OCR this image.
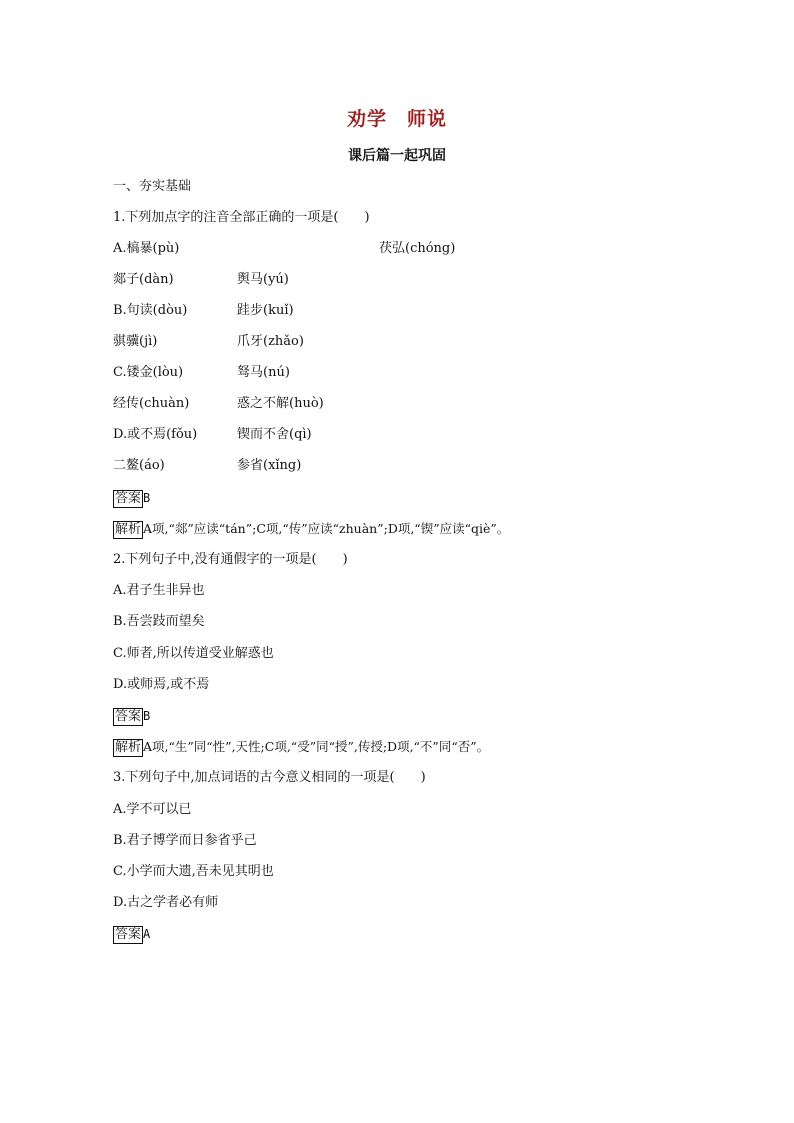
劝学　师说
课后篇一起巩固
一、夯实基础
1.下列加点字的注音全部正确的一项是(　　)
A.槁暴(pù)	茯弘(chóng)
郯子(dàn)	舆马(yú)
B.句读(dòu)	跬步(kuǐ)
骐骥(jì)	爪牙(zhǎo)
C.镂金(lòu)	驽马(nú)
经传(chuàn)	惑之不解(huò)
D.或不焉(fǒu)	锲而不舍(qì)
二鳌(áo)	参省(xǐng)
答案 B
解析 A项,“郯”应读“tán”;C项,“传”应读“zhuàn”;D项,“锲”应读“qiè”。
2.下列句子中,没有通假字的一项是(　　)
A.君子生非异也
B.吾尝跂而望矣
C.师者,所以传道受业解惑也
D.或师焉,或不焉
答案 B
解析 A项,“生”同“性”,天性;C项,“受”同“授”,传授;D项,“不”同“否”。
3.下列句子中,加点词语的古今意义相同的一项是(　　)
A.学不可以已
B.君子博学而日参省乎己
C.小学而大遗,吾未见其明也
D.古之学者必有师
答案 A
